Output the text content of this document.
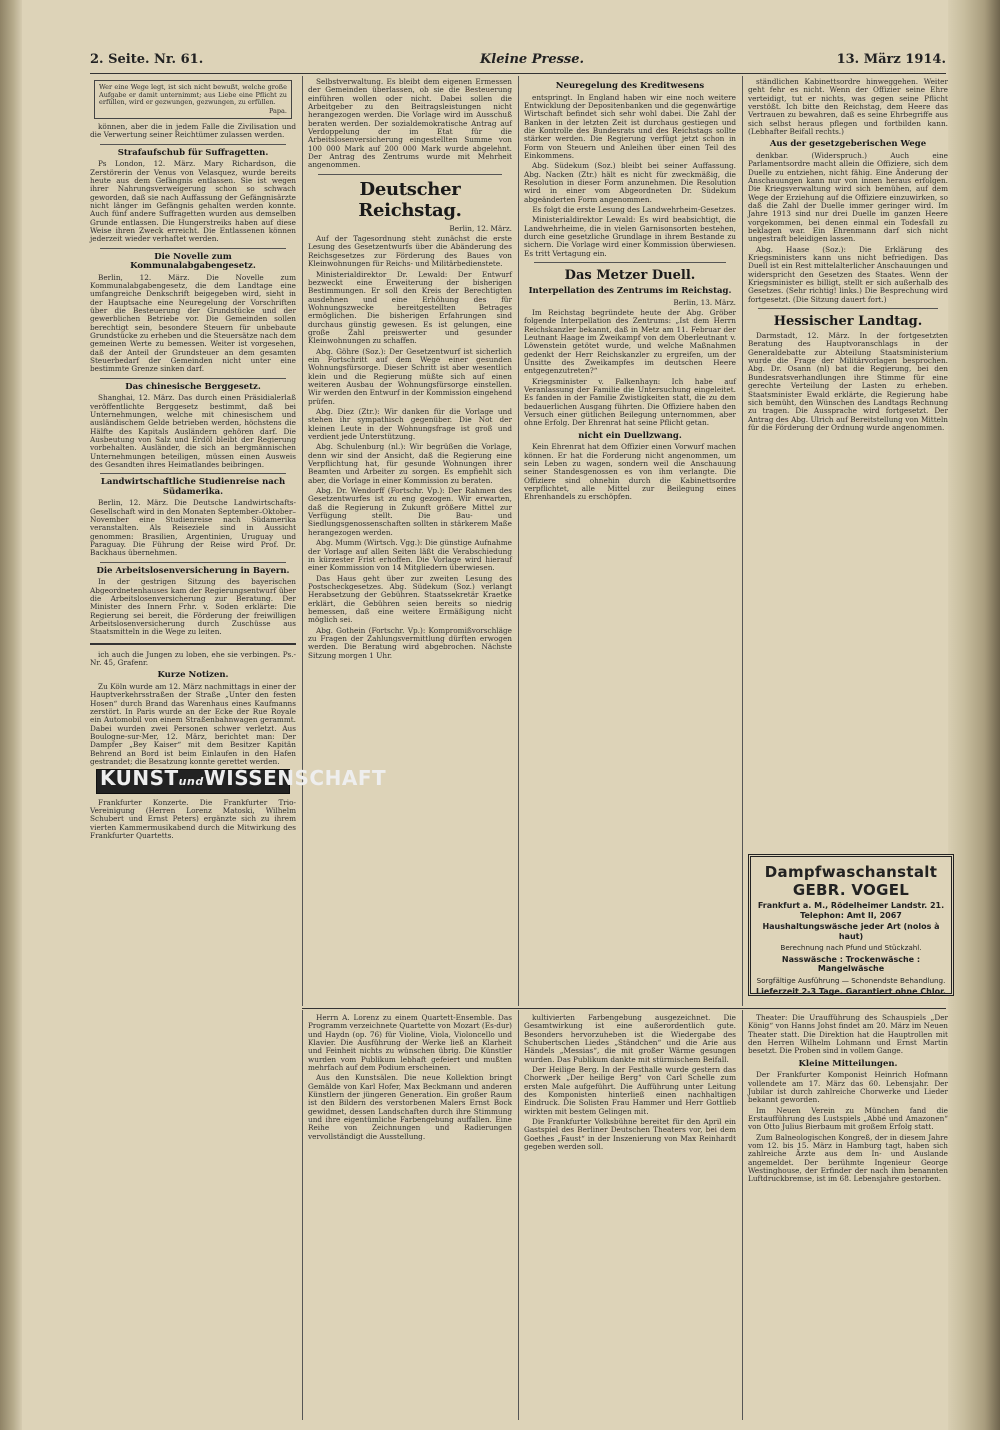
2. Seite. Nr. 61.	Kleine Presse.	13. März 1914.
Wer eine Wege legt, ist sich nicht bewußt, welche große Aufgabe er damit unternimmt; aus Liebe eine Pflicht zu erfüllen, wird er gezwungen, gezwungen, zu erfüllen.
Papa.

können, aber die in jedem Falle die Zivilisation und die Verwertung seiner Reichtümer zulassen werden.

Strafaufschub für Suffragetten.

Ps London, 12. März. Mary Richardson, die Zerstörerin der Venus von Velasquez, wurde bereits heute aus dem Gefängnis entlassen. Sie ist wegen ihrer Nahrungsverweigerung schon so schwach geworden, daß sie nach Auffassung der Gefängnisärzte nicht länger im Gefängnis gehalten werden konnte. Auch fünf andere Suffragetten wurden aus demselben Grunde entlassen. Die Hungerstreiks haben auf diese Weise ihren Zweck erreicht. Die Entlassenen können jederzeit wieder verhaftet werden.

Die Novelle zum Kommunalabgabengesetz.

Berlin, 12. März. Die Novelle zum Kommunalabgabengesetz, die dem Landtage eine umfangreiche Denkschrift beigegeben wird, sieht in der Hauptsache eine Neuregelung der Vorschriften über die Besteuerung der Grundstücke und der gewerblichen Betriebe vor. Die Gemeinden sollen berechtigt sein, besondere Steuern für unbebaute Grundstücke zu erheben und die Steuersätze nach dem gemeinen Werte zu bemessen. Weiter ist vorgesehen, daß der Anteil der Grundsteuer an dem gesamten Steuerbedarf der Gemeinden nicht unter eine bestimmte Grenze sinken darf.

Das chinesische Berggesetz.

Shanghai, 12. März. Das durch einen Präsidialerlaß veröffentlichte Berggesetz bestimmt, daß bei Unternehmungen, welche mit chinesischem und ausländischem Gelde betrieben werden, höchstens die Hälfte des Kapitals Ausländern gehören darf. Die Ausbeutung von Salz und Erdöl bleibt der Regierung vorbehalten. Ausländer, die sich an bergmännischen Unternehmungen beteiligen, müssen einen Ausweis des Gesandten ihres Heimatlandes beibringen.

Landwirtschaftliche Studienreise nach Südamerika.

Berlin, 12. März. Die Deutsche Landwirtschafts-Gesellschaft wird in den Monaten September–Oktober–November eine Studienreise nach Südamerika veranstalten. Als Reiseziele sind in Aussicht genommen: Brasilien, Argentinien, Uruguay und Paraguay. Die Führung der Reise wird Prof. Dr. Backhaus übernehmen.

Die Arbeitslosenversicherung in Bayern.

In der gestrigen Sitzung des bayerischen Abgeordnetenhauses kam der Regierungsentwurf über die Arbeitslosenversicherung zur Beratung. Der Minister des Innern Frhr. v. Soden erklärte: Die Regierung sei bereit, die Förderung der freiwilligen Arbeitslosenversicherung durch Zuschüsse aus Staatsmitteln in die Wege zu leiten.

ich auch die Jungen zu loben, ehe sie verbingen. Ps.-Nr. 45, Grafenr.

Kurze Notizen.

Zu Köln wurde am 12. März nachmittags in einer der Hauptverkehrsstraßen der Straße „Unter den festen Hosen“ durch Brand das Warenhaus eines Kaufmanns zerstört. In Paris wurde an der Ecke der Rue Royale ein Automobil von einem Straßenbahnwagen gerammt. Dabei wurden zwei Personen schwer verletzt. Aus Boulogne-sur-Mer, 12. März, berichtet man: Der Dampfer „Bey Kaiser“ mit dem Besitzer Kapitän Behrend an Bord ist beim Einlaufen in den Hafen gestrandet; die Besatzung konnte gerettet werden.

KUNSTundWISSENSCHAFT

Frankfurter Konzerte. Die Frankfurter Trio-Vereinigung (Herren Lorenz Matoski, Wilhelm Schubert und Ernst Peters) ergänzte sich zu ihrem vierten Kammermusikabend durch die Mitwirkung des Frankfurter Quartetts.

Selbstverwaltung. Es bleibt dem eigenen Ermessen der Gemeinden überlassen, ob sie die Besteuerung einführen wollen oder nicht. Dabei sollen die Arbeitgeber zu den Beitragsleistungen nicht herangezogen werden. Die Vorlage wird im Ausschuß beraten werden. Der sozialdemokratische Antrag auf Verdoppelung der im Etat für die Arbeitslosenversicherung eingestellten Summe von 100 000 Mark auf 200 000 Mark wurde abgelehnt. Der Antrag des Zentrums wurde mit Mehrheit angenommen.

Deutscher Reichstag.

Berlin, 12. März.

Auf der Tagesordnung steht zunächst die erste Lesung des Gesetzentwurfs über die Abänderung des Reichsgesetzes zur Förderung des Baues von Kleinwohnungen für Reichs- und Militärbedienstete.

Ministerialdirektor Dr. Lewald: Der Entwurf bezweckt eine Erweiterung der bisherigen Bestimmungen. Er soll den Kreis der Berechtigten ausdehnen und eine Erhöhung des für Wohnungszwecke bereitgestellten Betrages ermöglichen. Die bisherigen Erfahrungen sind durchaus günstig gewesen. Es ist gelungen, eine große Zahl preiswerter und gesunder Kleinwohnungen zu schaffen.

Abg. Göhre (Soz.): Der Gesetzentwurf ist sicherlich ein Fortschritt auf dem Wege einer gesunden Wohnungsfürsorge. Dieser Schritt ist aber wesentlich klein und die Regierung müßte sich auf einen weiteren Ausbau der Wohnungsfürsorge einstellen. Wir werden den Entwurf in der Kommission eingehend prüfen.

Abg. Diez (Ztr.): Wir danken für die Vorlage und stehen ihr sympathisch gegenüber. Die Not der kleinen Leute in der Wohnungsfrage ist groß und verdient jede Unterstützung.

Abg. Schulenburg (nl.): Wir begrüßen die Vorlage, denn wir sind der Ansicht, daß die Regierung eine Verpflichtung hat, für gesunde Wohnungen ihrer Beamten und Arbeiter zu sorgen. Es empfiehlt sich aber, die Vorlage in einer Kommission zu beraten.

Abg. Dr. Wendorff (Fortschr. Vp.): Der Rahmen des Gesetzentwurfes ist zu eng gezogen. Wir erwarten, daß die Regierung in Zukunft größere Mittel zur Verfügung stellt. Die Bau- und Siedlungsgenossenschaften sollten in stärkerem Maße herangezogen werden.

Abg. Mumm (Wirtsch. Vgg.): Die günstige Aufnahme der Vorlage auf allen Seiten läßt die Verabschiedung in kürzester Frist erhoffen. Die Vorlage wird hierauf einer Kommission von 14 Mitgliedern überwiesen.

Das Haus geht über zur zweiten Lesung des Postscheckgesetzes. Abg. Südekum (Soz.) verlangt Herabsetzung der Gebühren. Staatssekretär Kraetke erklärt, die Gebühren seien bereits so niedrig bemessen, daß eine weitere Ermäßigung nicht möglich sei.

Abg. Gothein (Fortschr. Vp.): Kompromißvorschläge zu Fragen der Zahlungsvermittlung dürften erwogen werden. Die Beratung wird abgebrochen. Nächste Sitzung morgen 1 Uhr.

Neuregelung des Kreditwesens

entspringt. In England haben wir eine noch weitere Entwicklung der Depositenbanken und die gegenwärtige Wirtschaft befindet sich sehr wohl dabei. Die Zahl der Banken in der letzten Zeit ist durchaus gestiegen und die Kontrolle des Bundesrats und des Reichstags sollte stärker werden. Die Regierung verfügt jetzt schon in Form von Steuern und Anleihen über einen Teil des Einkommens.

Abg. Südekum (Soz.) bleibt bei seiner Auffassung. Abg. Nacken (Ztr.) hält es nicht für zweckmäßig, die Resolution in dieser Form anzunehmen. Die Resolution wird in einer vom Abgeordneten Dr. Südekum abgeänderten Form angenommen.

Es folgt die erste Lesung des Landwehrheim-Gesetzes.

Ministerialdirektor Lewald: Es wird beabsichtigt, die Landwehrheime, die in vielen Garnisonsorten bestehen, durch eine gesetzliche Grundlage in ihrem Bestande zu sichern. Die Vorlage wird einer Kommission überwiesen. Es tritt Vertagung ein.

Das Metzer Duell.
Interpellation des Zentrums im Reichstag.

Berlin, 13. März.

Im Reichstag begründete heute der Abg. Gröber folgende Interpellation des Zentrums: „Ist dem Herrn Reichskanzler bekannt, daß in Metz am 11. Februar der Leutnant Haage im Zweikampf von dem Oberleutnant v. Löwenstein getötet wurde, und welche Maßnahmen gedenkt der Herr Reichskanzler zu ergreifen, um der Unsitte des Zweikampfes im deutschen Heere entgegenzutreten?“

Kriegsminister v. Falkenhayn: Ich habe auf Veranlassung der Familie die Untersuchung eingeleitet. Es fanden in der Familie Zwistigkeiten statt, die zu dem bedauerlichen Ausgang führten. Die Offiziere haben den Versuch einer gütlichen Beilegung unternommen, aber ohne Erfolg. Der Ehrenrat hat seine Pflicht getan.

nicht ein Duellzwang.

Kein Ehrenrat hat dem Offizier einen Vorwurf machen können. Er hat die Forderung nicht angenommen, um sein Leben zu wagen, sondern weil die Anschauung seiner Standesgenossen es von ihm verlangte. Die Offiziere sind ohnehin durch die Kabinettsordre verpflichtet, alle Mittel zur Beilegung eines Ehrenhandels zu erschöpfen.

ständlichen Kabinettsordre hinweggehen. Weiter geht fehr es nicht. Wenn der Offizier seine Ehre verteidigt, tut er nichts, was gegen seine Pflicht verstößt. Ich bitte den Reichstag, dem Heere das Vertrauen zu bewahren, daß es seine Ehrbegriffe aus sich selbst heraus pflegen und fortbilden kann. (Lebhafter Beifall rechts.)

Aus der gesetzgeberischen Wege

denkbar. (Widerspruch.) Auch eine Parlamentsordre macht allein die Offiziere, sich dem Duelle zu entziehen, nicht fähig. Eine Änderung der Anschauungen kann nur von innen heraus erfolgen. Die Kriegsverwaltung wird sich bemühen, auf dem Wege der Erziehung auf die Offiziere einzuwirken, so daß die Zahl der Duelle immer geringer wird. Im Jahre 1913 sind nur drei Duelle im ganzen Heere vorgekommen, bei denen einmal ein Todesfall zu beklagen war. Ein Ehrenmann darf sich nicht ungestraft beleidigen lassen.

Abg. Haase (Soz.): Die Erklärung des Kriegsministers kann uns nicht befriedigen. Das Duell ist ein Rest mittelalterlicher Anschauungen und widerspricht den Gesetzen des Staates. Wenn der Kriegsminister es billigt, stellt er sich außerhalb des Gesetzes. (Sehr richtig! links.) Die Besprechung wird fortgesetzt. (Die Sitzung dauert fort.)

Hessischer Landtag.

Darmstadt, 12. März. In der fortgesetzten Beratung des Hauptvoranschlags in der Generaldebatte zur Abteilung Staatsministerium wurde die Frage der Militärvorlagen besprochen. Abg. Dr. Osann (nl) bat die Regierung, bei den Bundesratsverhandlungen ihre Stimme für eine gerechte Verteilung der Lasten zu erheben. Staatsminister Ewald erklärte, die Regierung habe sich bemüht, den Wünschen des Landtags Rechnung zu tragen. Die Aussprache wird fortgesetzt. Der Antrag des Abg. Ulrich auf Bereitstellung von Mitteln für die Förderung der Ordnung wurde angenommen.

Dampfwaschanstalt GEBR. VOGEL
Frankfurt a. M., Rödelheimer Landstr. 21. Telephon: Amt II, 2067
Haushaltungswäsche jeder Art (nolos à haut)
Berechnung nach Pfund und Stückzahl.
Nasswäsche : Trockenwäsche : Mangelwäsche
Sorgfältige Ausführung — Schonendste Behandlung.
Lieferzeit 2-3 Tage. Garantiert ohne Chlor.

Herrn A. Lorenz zu einem Quartett-Ensemble. Das Programm verzeichnete Quartette von Mozart (Es-dur) und Haydn (op. 76) für Violine, Viola, Violoncello und Klavier. Die Ausführung der Werke ließ an Klarheit und Feinheit nichts zu wünschen übrig. Die Künstler wurden vom Publikum lebhaft gefeiert und mußten mehrfach auf dem Podium erscheinen.

Aus den Kunstsälen. Die neue Kollektion bringt Gemälde von Karl Hofer, Max Beckmann und anderen Künstlern der jüngeren Generation. Ein großer Raum ist den Bildern des verstorbenen Malers Ernst Bock gewidmet, dessen Landschaften durch ihre Stimmung und ihre eigentümliche Farbengebung auffallen. Eine Reihe von Zeichnungen und Radierungen vervollständigt die Ausstellung.

kultivierten Farbengebung ausgezeichnet. Die Gesamtwirkung ist eine außerordentlich gute. Besonders hervorzuheben ist die Wiedergabe des Schubertschen Liedes „Ständchen“ und die Arie aus Händels „Messias“, die mit großer Wärme gesungen wurden. Das Publikum dankte mit stürmischem Beifall.

Der Heilige Berg. In der Festhalle wurde gestern das Chorwerk „Der heilige Berg“ von Carl Schelle zum ersten Male aufgeführt. Die Aufführung unter Leitung des Komponisten hinterließ einen nachhaltigen Eindruck. Die Solisten Frau Hammer und Herr Gottlieb wirkten mit bestem Gelingen mit.

Die Frankfurter Volksbühne bereitet für den April ein Gastspiel des Berliner Deutschen Theaters vor, bei dem Goethes „Faust“ in der Inszenierung von Max Reinhardt gegeben werden soll.

Theater: Die Uraufführung des Schauspiels „Der König“ von Hanns Johst findet am 20. März im Neuen Theater statt. Die Direktion hat die Hauptrollen mit den Herren Wilhelm Lohmann und Ernst Martin besetzt. Die Proben sind in vollem Gange.

Kleine Mitteilungen.

Der Frankfurter Komponist Heinrich Hofmann vollendete am 17. März das 60. Lebensjahr. Der Jubilar ist durch zahlreiche Chorwerke und Lieder bekannt geworden.

Im Neuen Verein zu München fand die Erstaufführung des Lustspiels „Abbé und Amazonen“ von Otto Julius Bierbaum mit großem Erfolg statt.

Zum Balneologischen Kongreß, der in diesem Jahre vom 12. bis 15. März in Hamburg tagt, haben sich zahlreiche Ärzte aus dem In- und Auslande angemeldet. Der berühmte Ingenieur George Westinghouse, der Erfinder der nach ihm benannten Luftdruckbremse, ist im 68. Lebensjahre gestorben.
